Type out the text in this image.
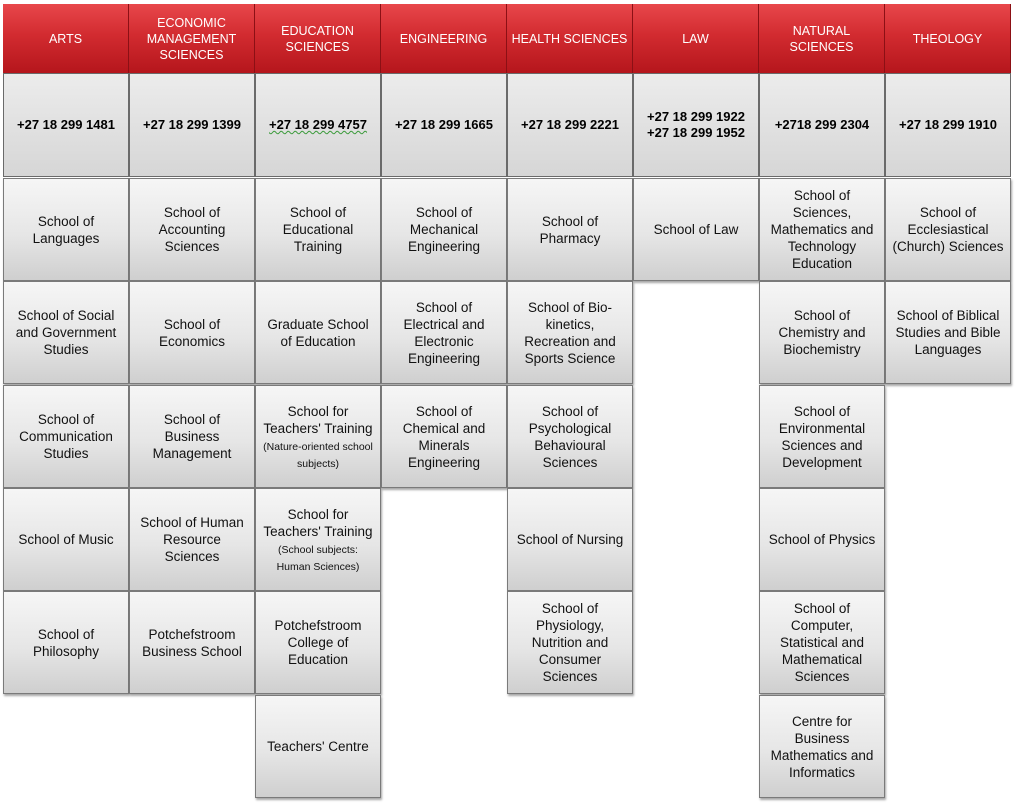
ARTS
+27 18 299 1481
School of Languages
School of Social and Government Studies
School of Communication Studies
School of Music
School of Philosophy
ECONOMIC MANAGEMENT SCIENCES
+27 18 299 1399
School of Accounting Sciences
School of Economics
School of Business Management
School of Human Resource Sciences
Potchefstroom Business School
EDUCATION SCIENCES
+27 18 299 4757
School of Educational Training
Graduate School of Education
School for Teachers' Training (Nature-oriented school subjects)
School for Teachers' Training (School subjects: Human Sciences)
Potchefstroom College of Education
Teachers' Centre
ENGINEERING
+27 18 299 1665
School of Mechanical Engineering
School of Electrical and Electronic Engineering
School of Chemical and Minerals Engineering
HEALTH SCIENCES
+27 18 299 2221
School of Pharmacy
School of Bio-kinetics, Recreation and Sports Science
School of Psychological Behavioural Sciences
School of Nursing
School of Physiology, Nutrition and Consumer Sciences
LAW
+27 18 299 1922
+27 18 299 1952
School of Law
NATURAL SCIENCES
+2718 299 2304
School of Sciences, Mathematics and Technology Education
School of Chemistry and Biochemistry
School of Environmental Sciences and Development
School of Physics
School of Computer, Statistical and Mathematical Sciences
Centre for Business Mathematics and Informatics
THEOLOGY
+27 18 299 1910
School of Ecclesiastical (Church) Sciences
School of Biblical Studies and Bible Languages
